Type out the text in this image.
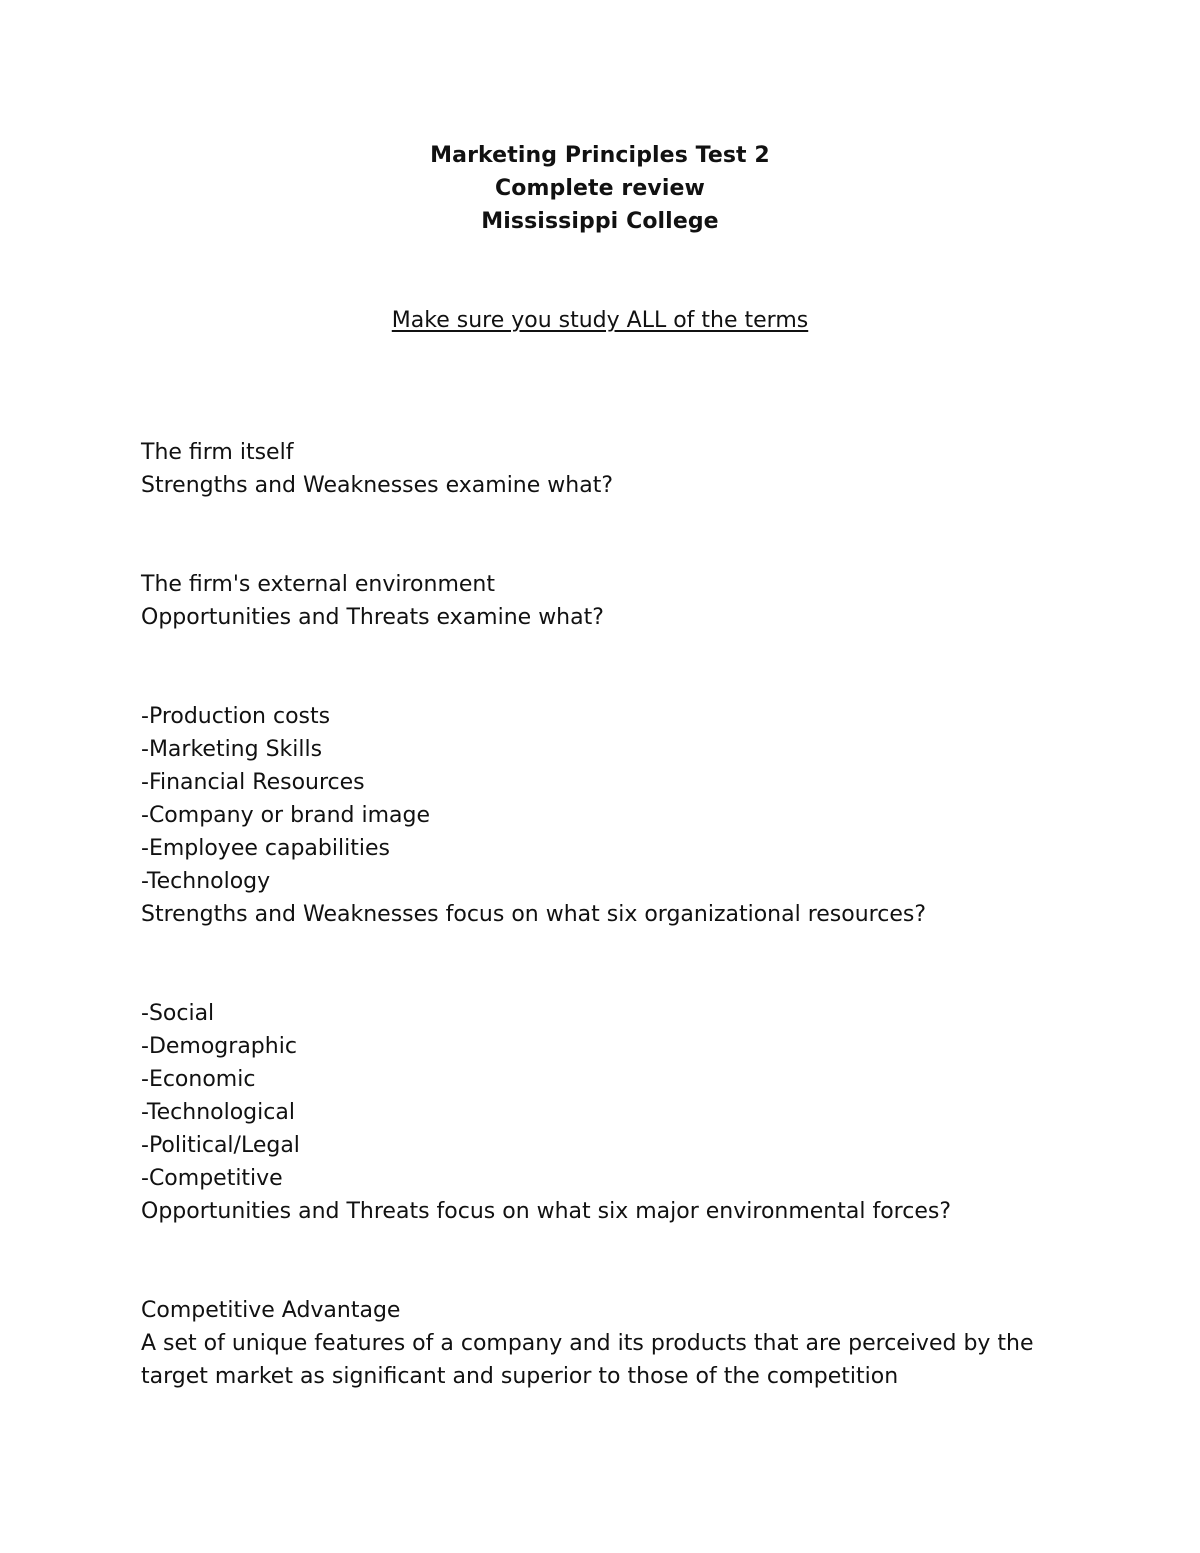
Marketing Principles Test 2
Complete review
Mississippi College
Make sure you study ALL of the terms
The firm itself
Strengths and Weaknesses examine what?
The firm's external environment
Opportunities and Threats examine what?
-Production costs
-Marketing Skills
-Financial Resources
-Company or brand image
-Employee capabilities
-Technology
Strengths and Weaknesses focus on what six organizational resources?
-Social
-Demographic
-Economic
-Technological
-Political/Legal
-Competitive
Opportunities and Threats focus on what six major environmental forces?
Competitive Advantage
A set of unique features of a company and its products that are perceived by the target market as significant and superior to those of the competition
